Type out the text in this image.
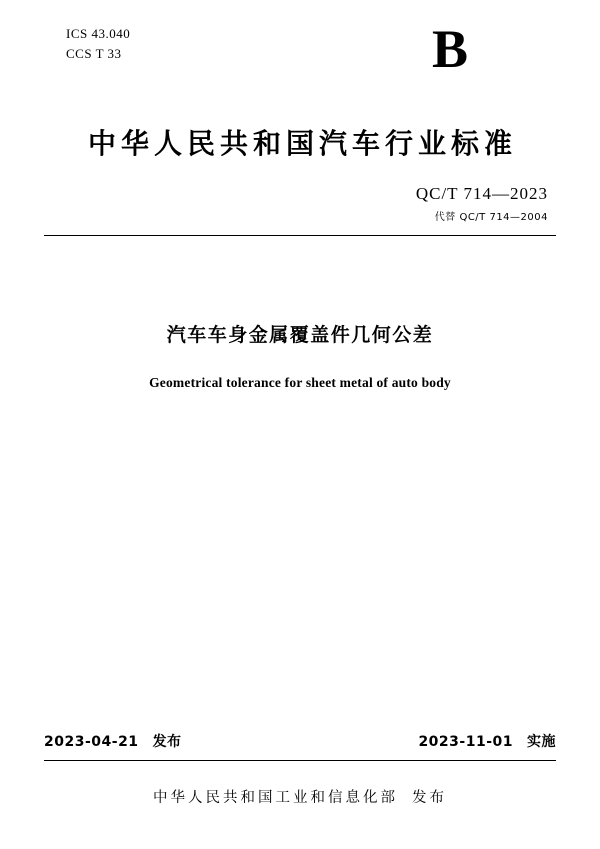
ICS 43.040
CCS T 33	B
中华人民共和国汽车行业标准
QC/T 714—2023
代替 QC/T 714—2004
汽车车身金属覆盖件几何公差
Geometrical tolerance for sheet metal of auto body
2023-04-21 发布	2023-11-01 实施
中华人民共和国工业和信息化部 发布
